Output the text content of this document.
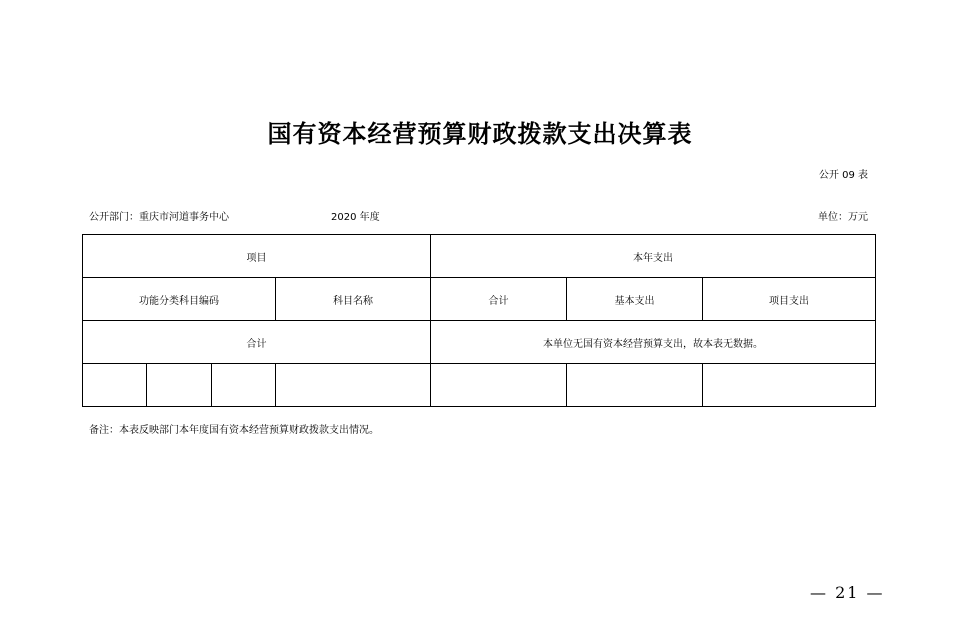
国有资本经营预算财政拨款支出决算表
公开 09 表
公开部门：重庆市河道事务中心	2020 年度	单位：万元
项目				本年支出		
功能分类科目编码			科目名称	合计	基本支出	项目支出
合计				本单位无国有资本经营预算支出，故本表无数据。		

备注：本表反映部门本年度国有资本经营预算财政拨款支出情况。
— 21 —
